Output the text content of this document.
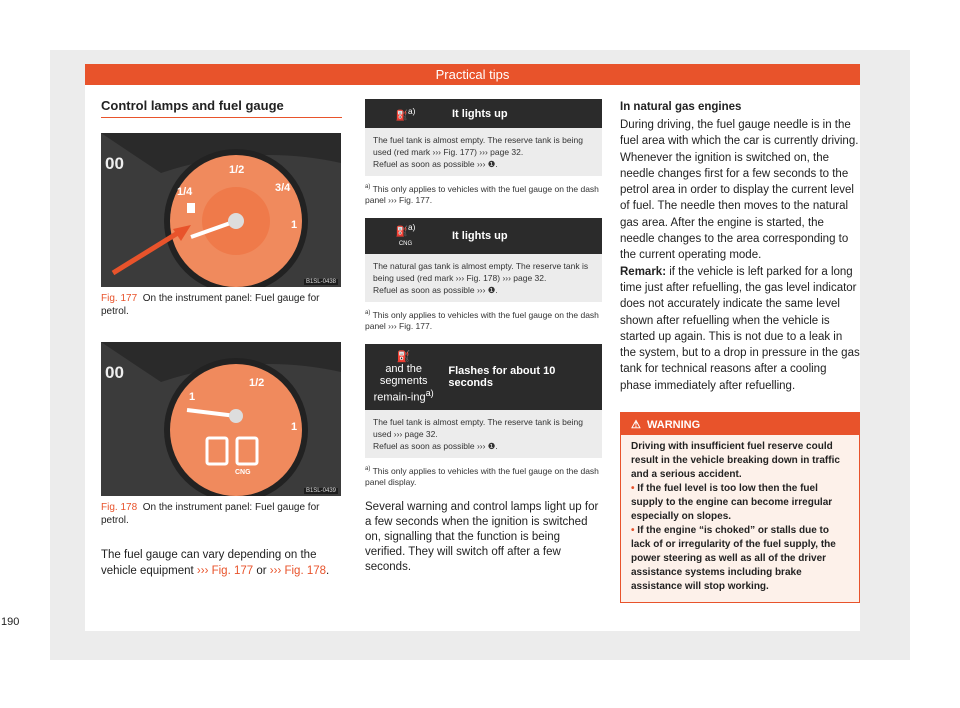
Practical tips
Control lamps and fuel gauge
00
1/4
1/2
3/4
1
B1SL-0438
Fig. 177 On the instrument panel: Fuel gauge for petrol.
00
1
1/2
1
CNG
B1SL-0439
Fig. 178 On the instrument panel: Fuel gauge for petrol.
The fuel gauge can vary depending on the vehicle equipment ››› Fig. 177 or ››› Fig. 178.
⛽$^{a)}$	It lights up
The fuel tank is almost empty. The reserve tank is being used (red mark ››› Fig. 177) ››› page 32.
Refuel as soon as possible ››› ❶.
$^{a)}$ This only applies to vehicles with the fuel gauge on the dash panel ››› Fig. 177.
⛽$^{a)}$
CNG
It lights up
The natural gas tank is almost empty. The reserve tank is being used (red mark ››› Fig. 178) ››› page 32.
Refuel as soon as possible ››› ❶.
$^{a)}$ This only applies to vehicles with the fuel gauge on the dash panel ››› Fig. 177.
⛽
and the segments remain-ing$^{a)}$
Flashes for about 10 seconds
The fuel tank is almost empty. The reserve tank is being used ››› page 32.
Refuel as soon as possible ››› ❶.
$^{a)}$ This only applies to vehicles with the fuel gauge on the dash panel display.
Several warning and control lamps light up for a few seconds when the ignition is switched on, signalling that the function is being verified. They will switch off after a few seconds.
In natural gas engines

During driving, the fuel gauge needle is in the fuel area with which the car is currently driving. Whenever the ignition is switched on, the needle changes first for a few seconds to the petrol area in order to display the current level of fuel. The needle then moves to the natural gas area. After the engine is started, the needle changes to the area corresponding to the current operating mode.

Remark: if the vehicle is left parked for a long time just after refuelling, the gas level indicator does not accurately indicate the same level shown after refuelling when the vehicle is started up again. This is not due to a leak in the system, but to a drop in pressure in the gas tank for technical reasons after a cooling phase immediately after refuelling.

⚠ WARNING
Driving with insufficient fuel reserve could result in the vehicle breaking down in traffic and a serious accident.
• If the fuel level is too low then the fuel supply to the engine can become irregular especially on slopes.
• If the engine “is choked” or stalls due to lack of or irregularity of the fuel supply, the power steering as well as all of the driver assistance systems including brake assistance will stop working.
190
